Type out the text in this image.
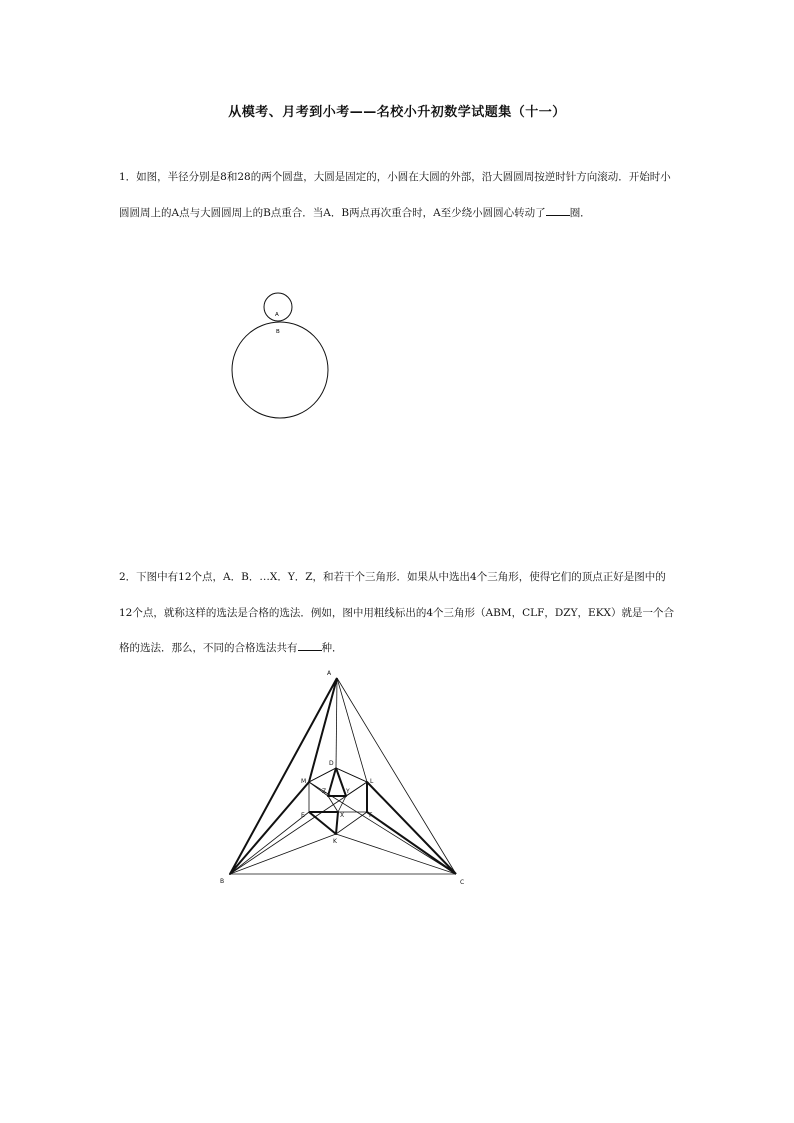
从模考、月考到小考——名校小升初数学试题集（十一）
1．如图，半径分别是8和28的两个圆盘，大圆是固定的，小圆在大圆的外部，沿大圆圆周按逆时针方向滚动．开始时小圆圆周上的A点与大圆圆周上的B点重合．当A．B两点再次重合时，A至少绕小圆圆心转动了 圈．
A
B
2．下图中有12个点，A．B．…X．Y．Z，和若干个三角形．如果从中选出4个三角形，使得它们的顶点正好是图中的12个点，就称这样的选法是合格的选法．例如，图中用粗线标出的4个三角形（ABM，CLF，DZY，EKX）就是一个合格的选法．那么，不同的合格选法共有 种．
A
B	C
D
M	L
E	F
K
Z	Y
X
